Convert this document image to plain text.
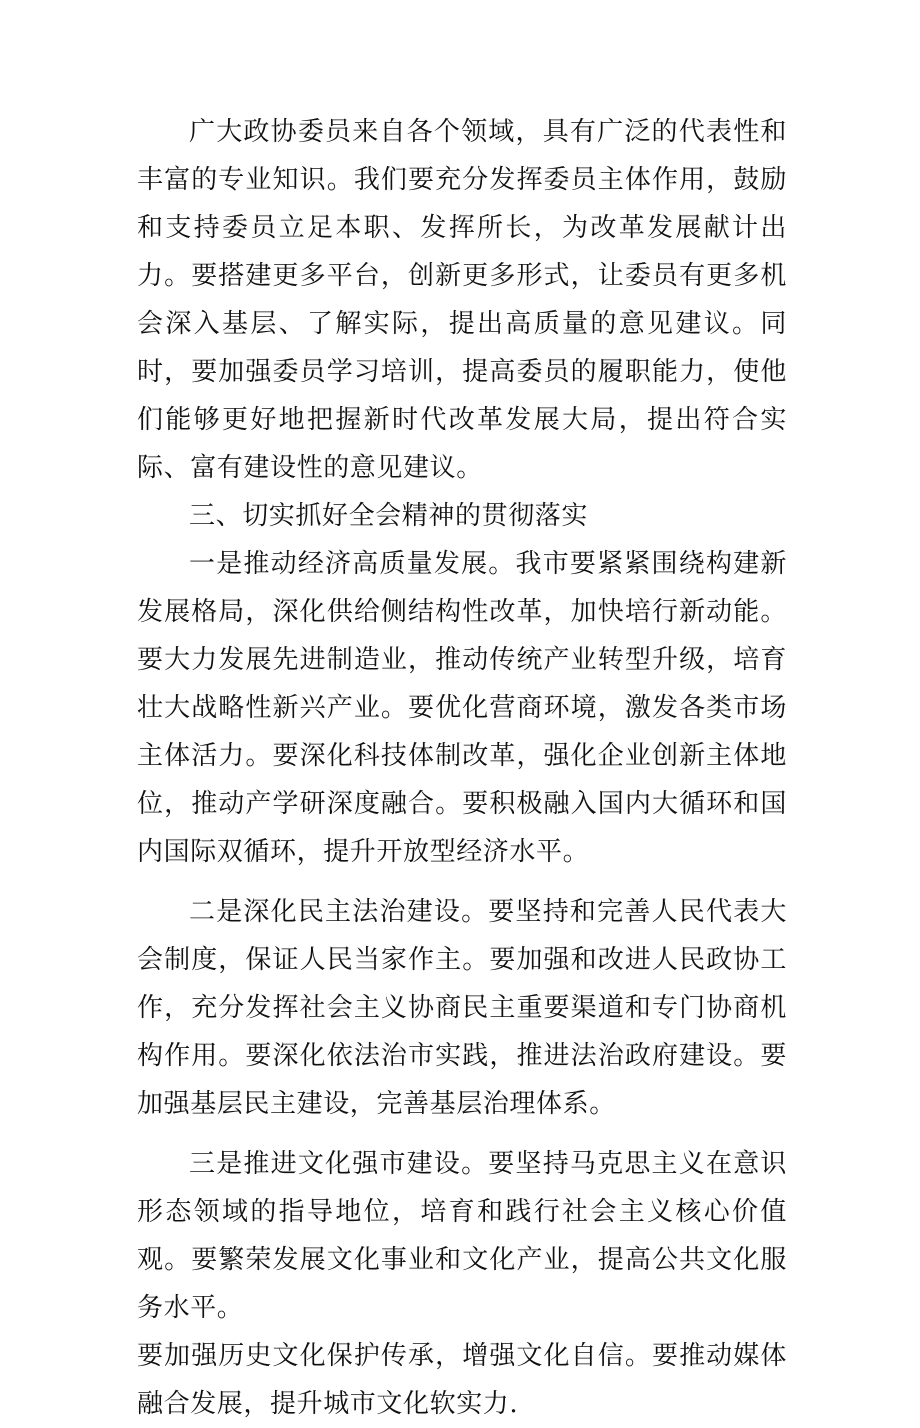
广大政协委员来自各个领域，具有广泛的代表性和丰富的专业知识。我们要充分发挥委员主体作用，鼓励和支持委员立足本职、发挥所长，为改革发展献计出力。要搭建更多平台，创新更多形式，让委员有更多机会深入基层、了解实际，提出高质量的意见建议。同时，要加强委员学习培训，提高委员的履职能力，使他们能够更好地把握新时代改革发展大局，提出符合实际、富有建设性的意见建议。

三、切实抓好全会精神的贯彻落实

一是推动经济高质量发展。我市要紧紧围绕构建新发展格局，深化供给侧结构性改革，加快培行新动能。要大力发展先进制造业，推动传统产业转型升级，培育壮大战略性新兴产业。要优化营商环境，激发各类市场主体活力。要深化科技体制改革，强化企业创新主体地位，推动产学研深度融合。要积极融入国内大循环和国内国际双循环，提升开放型经济水平。

二是深化民主法治建设。要坚持和完善人民代表大会制度，保证人民当家作主。要加强和改进人民政协工作，充分发挥社会主义协商民主重要渠道和专门协商机构作用。要深化依法治市实践，推进法治政府建设。要加强基层民主建设，完善基层治理体系。

三是推进文化强市建设。要坚持马克思主义在意识形态领域的指导地位，培育和践行社会主义核心价值观。要繁荣发展文化事业和文化产业，提高公共文化服务水平。

要加强历史文化保护传承，增强文化自信。要推动媒体融合发展，提升城市文化软实力.
